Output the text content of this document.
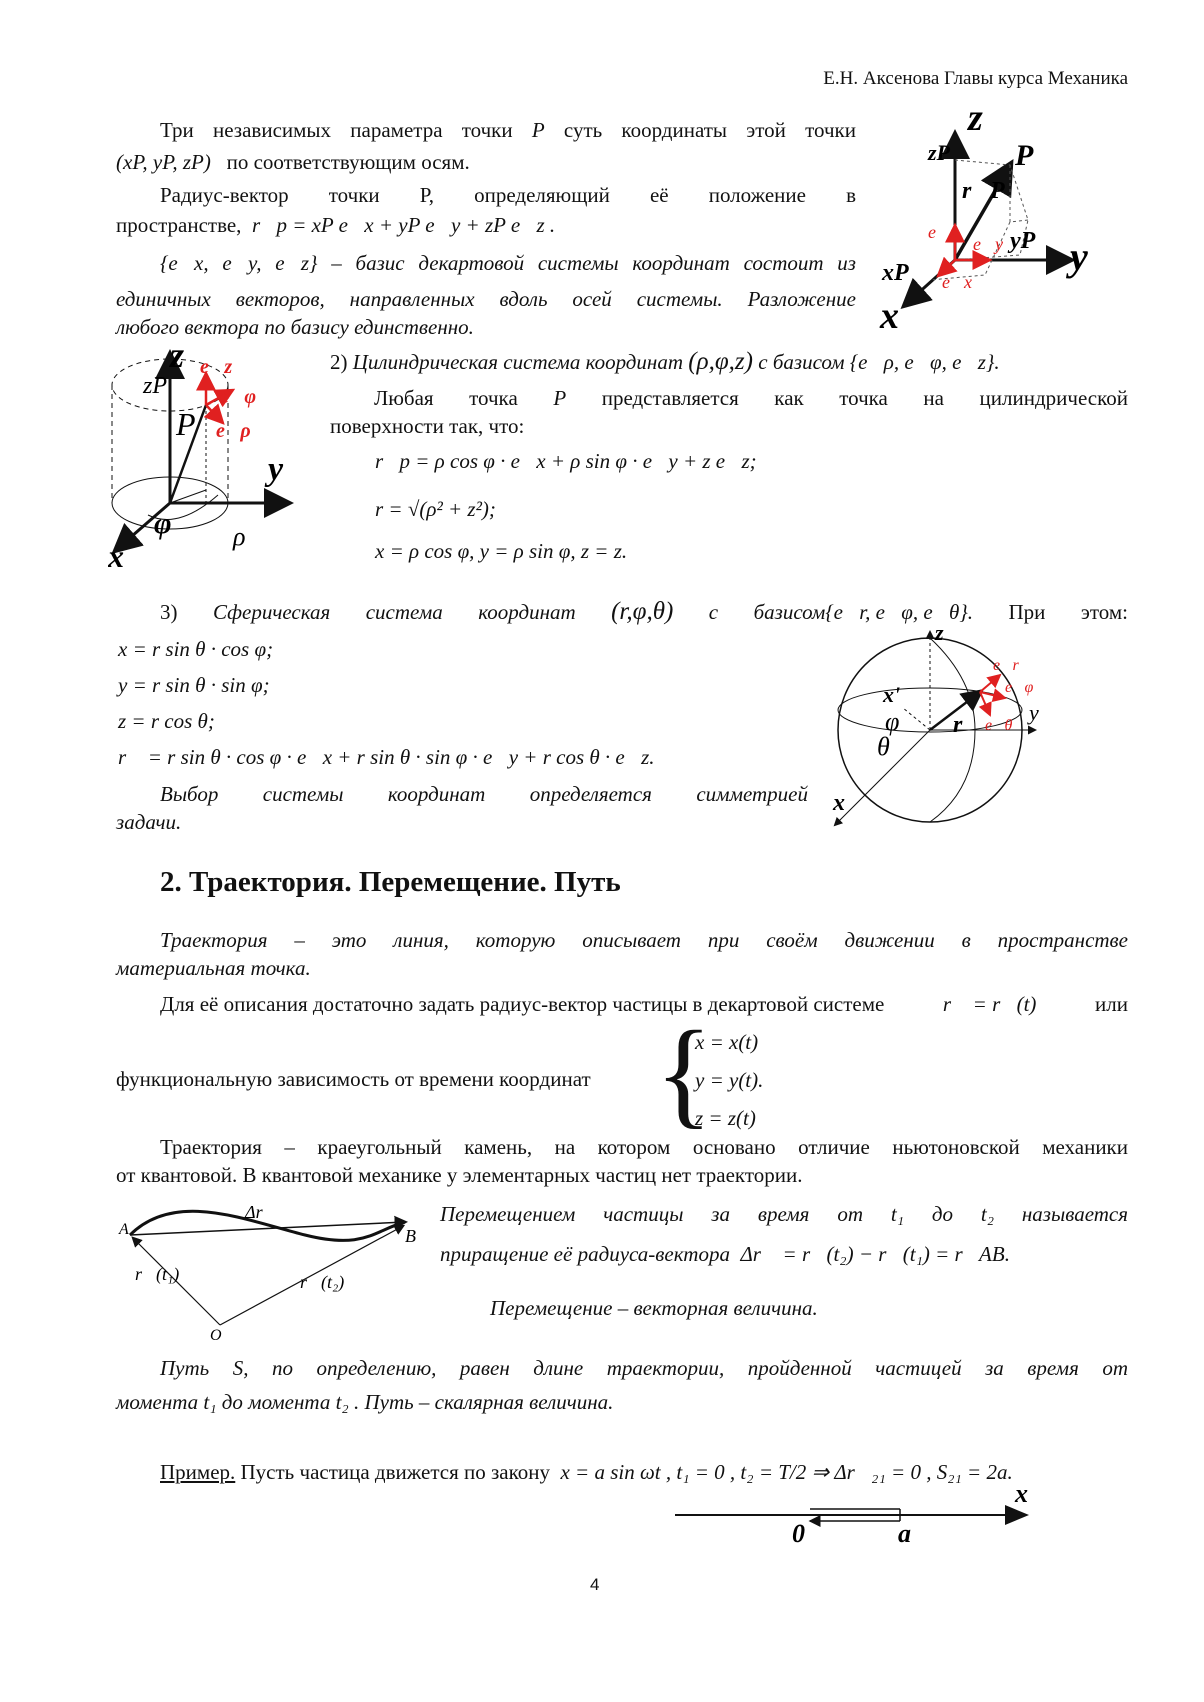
Е.Н. Аксенова Главы курса Механика
Три независимых параметра точки P суть координаты этой точки
(xP, yP, zP) по соответствующим осям.
Радиус-вектор точки Р, определяющий её положение в
пространстве, r⃗p = xP e⃗x + yP e⃗y + zP e⃗z .
{e⃗x, e⃗y, e⃗z} – базис декартовой системы координат состоит из
единичных векторов, направленных вдоль осей системы. Разложение
любого вектора по базису единственно.
z
zP P
r⃗P
e⃗z
e⃗y
e⃗x
yP
xP	y
x
z
zP
P
e⃗z
e⃗φ
e⃗ρ
y
x
φ ρ
2) Цилиндрическая система координат (ρ,φ,z) с базисом {e⃗ρ, e⃗φ, e⃗z}.
Любая точка P представляется как точка на цилиндрической
поверхности так, что:
r⃗p = ρ cos φ · e⃗x + ρ sin φ · e⃗y + z e⃗z;
r = √(ρ² + z²);
x = ρ cos φ, y = ρ sin φ, z = z.
3) Сферическая система координат (r,φ,θ) с базисом{e⃗r, e⃗φ, e⃗θ}. При этом:
x = r sin θ · cos φ;
y = r sin θ · sin φ;
z = r cos θ;
r⃗ = r sin θ · cos φ · e⃗x + r sin θ · sin φ · e⃗y + r cos θ · e⃗z.
Выбор системы координат определяется симметрией
задачи.
z
y
x
x'
φ
θ
r⃗
e⃗r
e⃗φ
e⃗θ
2. Траектория. Перемещение. Путь
Траектория – это линия, которую описывает при своём движении в пространстве
материальная точка.
Для её описания достаточно задать радиус-вектор частицы в декартовой системе	r⃗ = r⃗(t)	или
функциональную зависимость от времени координат {
x = x(t)
y = y(t).
z = z(t)
Траектория – краеугольный камень, на котором основано отличие ньютоновской механики
от квантовой. В квантовой механике у элементарных частиц нет траектории.
A	B
Δr⃗
r⃗(t₁)	r⃗(t₂)
O
Перемещением частицы за время от t₁ до t₂ называется
приращение её радиуса-вектора Δr⃗ = r⃗(t₂) − r⃗(t₁) = r⃗AB.
Перемещение – векторная величина.
Путь S, по определению, равен длине траектории, пройденной частицей за время от
момента t₁ до момента t₂ . Путь – скалярная величина.
Пример. Пусть частица движется по закону x = a sin ωt , t₁ = 0 , t₂ = T/2 ⇒ Δr⃗₂₁ = 0 , S₂₁ = 2a.
x
0	a
4
